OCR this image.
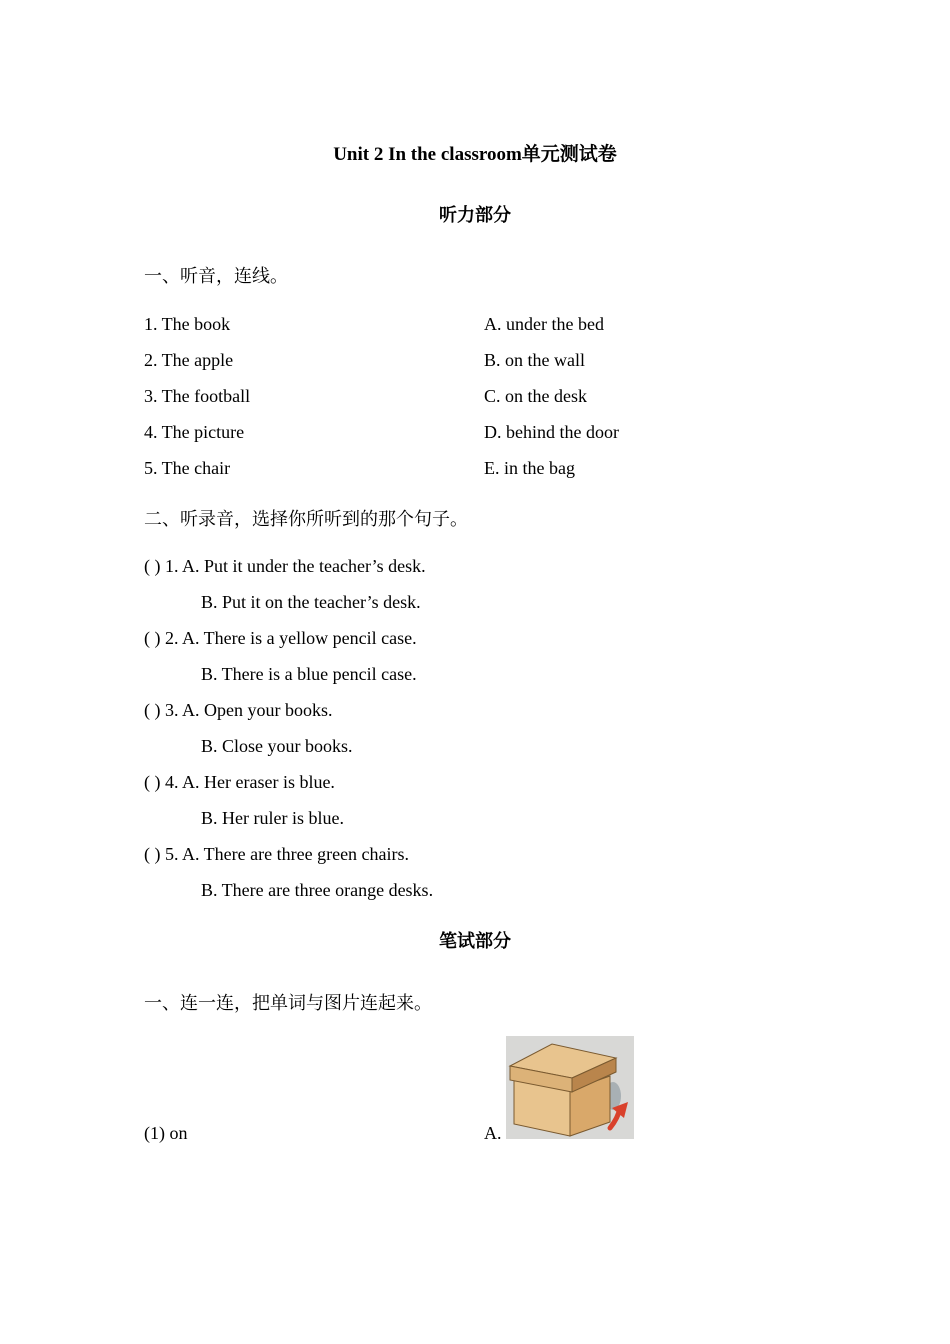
Unit 2 In the classroom单元测试卷
听力部分
一、听音，连线。
1. The book	A. under the bed
2. The apple	B. on the wall
3. The football	C. on the desk
4. The picture	D. behind the door
5. The chair	E. in the bag
二、听录音，选择你所听到的那个句子。
( ) 1. A. Put it under the teacher’s desk.
B. Put it on the teacher’s desk.
( ) 2. A. There is a yellow pencil case.
B. There is a blue pencil case.
( ) 3. A. Open your books.
B. Close your books.
( ) 4. A. Her eraser is blue.
B. Her ruler is blue.
( ) 5. A. There are three green chairs.
B. There are three orange desks.
笔试部分
一、连一连，把单词与图片连起来。
(1) on	A.
